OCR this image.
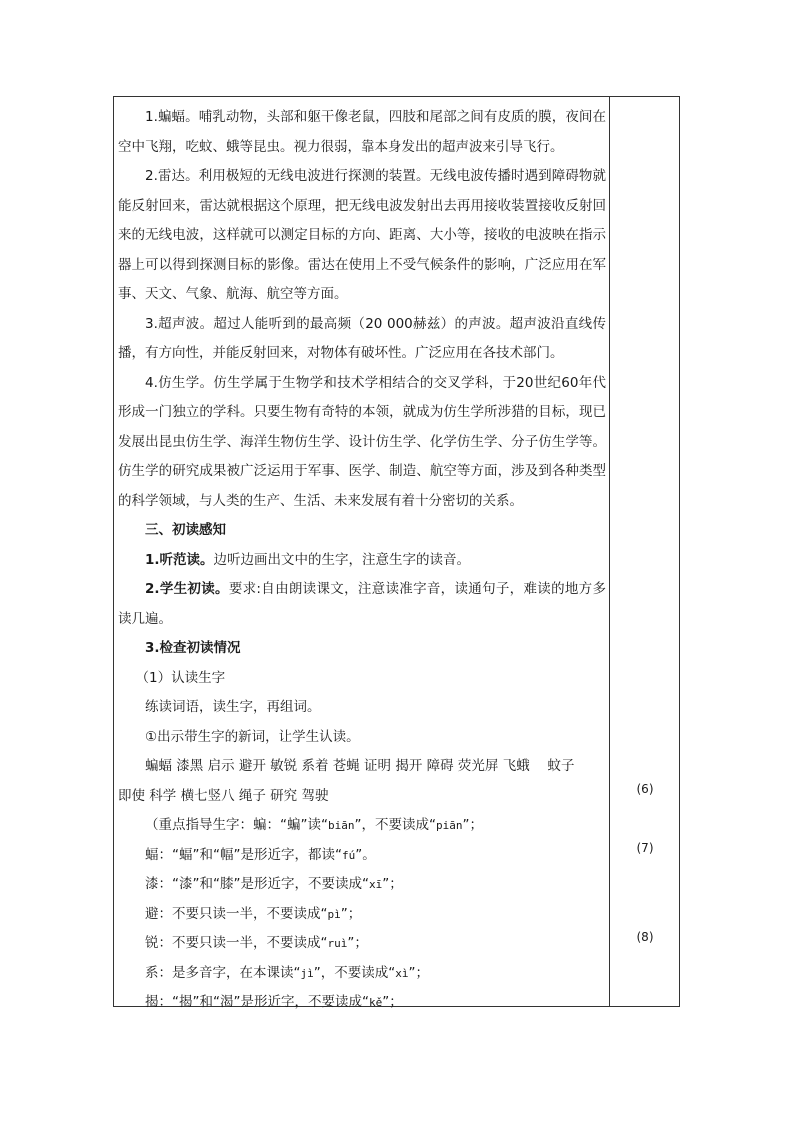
1.蝙蝠。哺乳动物，头部和躯干像老鼠，四肢和尾部之间有皮质的膜，夜间在空中飞翔，吃蚊、蛾等昆虫。视力很弱，靠本身发出的超声波来引导飞行。

2.雷达。利用极短的无线电波进行探测的装置。无线电波传播时遇到障碍物就能反射回来，雷达就根据这个原理，把无线电波发射出去再用接收装置接收反射回来的无线电波，这样就可以测定目标的方向、距离、大小等，接收的电波映在指示器上可以得到探测目标的影像。雷达在使用上不受气候条件的影响，广泛应用在军事、天文、气象、航海、航空等方面。

3.超声波。超过人能听到的最高频（20 000赫兹）的声波。超声波沿直线传播，有方向性，并能反射回来，对物体有破坏性。广泛应用在各技术部门。

4.仿生学。仿生学属于生物学和技术学相结合的交叉学科，于20世纪60年代形成一门独立的学科。只要生物有奇特的本领，就成为仿生学所涉猎的目标，现已发展出昆虫仿生学、海洋生物仿生学、设计仿生学、化学仿生学、分子仿生学等。仿生学的研究成果被广泛运用于军事、医学、制造、航空等方面，涉及到各种类型的科学领域，与人类的生产、生活、未来发展有着十分密切的关系。

三、初读感知

1.听范读。边听边画出文中的生字，注意生字的读音。

2.学生初读。要求:自由朗读课文，注意读准字音，读通句子，难读的地方多读几遍。

3.检查初读情况

（1）认读生字

练读词语，读生字，再组词。

①出示带生字的新词，让学生认读。

蝙蝠 漆黑 启示 避开 敏锐 系着 苍蝇 证明 揭开 障碍 荧光屏 飞蛾　 蚊子

即使 科学 横七竖八 绳子 研究 驾驶

（重点指导生字：蝙：“蝙”读“biān”，不要读成“piān”；

蝠：“蝠”和“幅”是形近字，都读“fú”。

漆：“漆”和“膝”是形近字，不要读成“xī”；

避：不要只读一半，不要读成“pì”；

锐：不要只读一半，不要读成“ruì”；

系：是多音字，在本课读“jì”，不要读成“xì”；

揭：“揭”和“渴”是形近字，不要读成“kě”；

(6)
(7)
(8)
